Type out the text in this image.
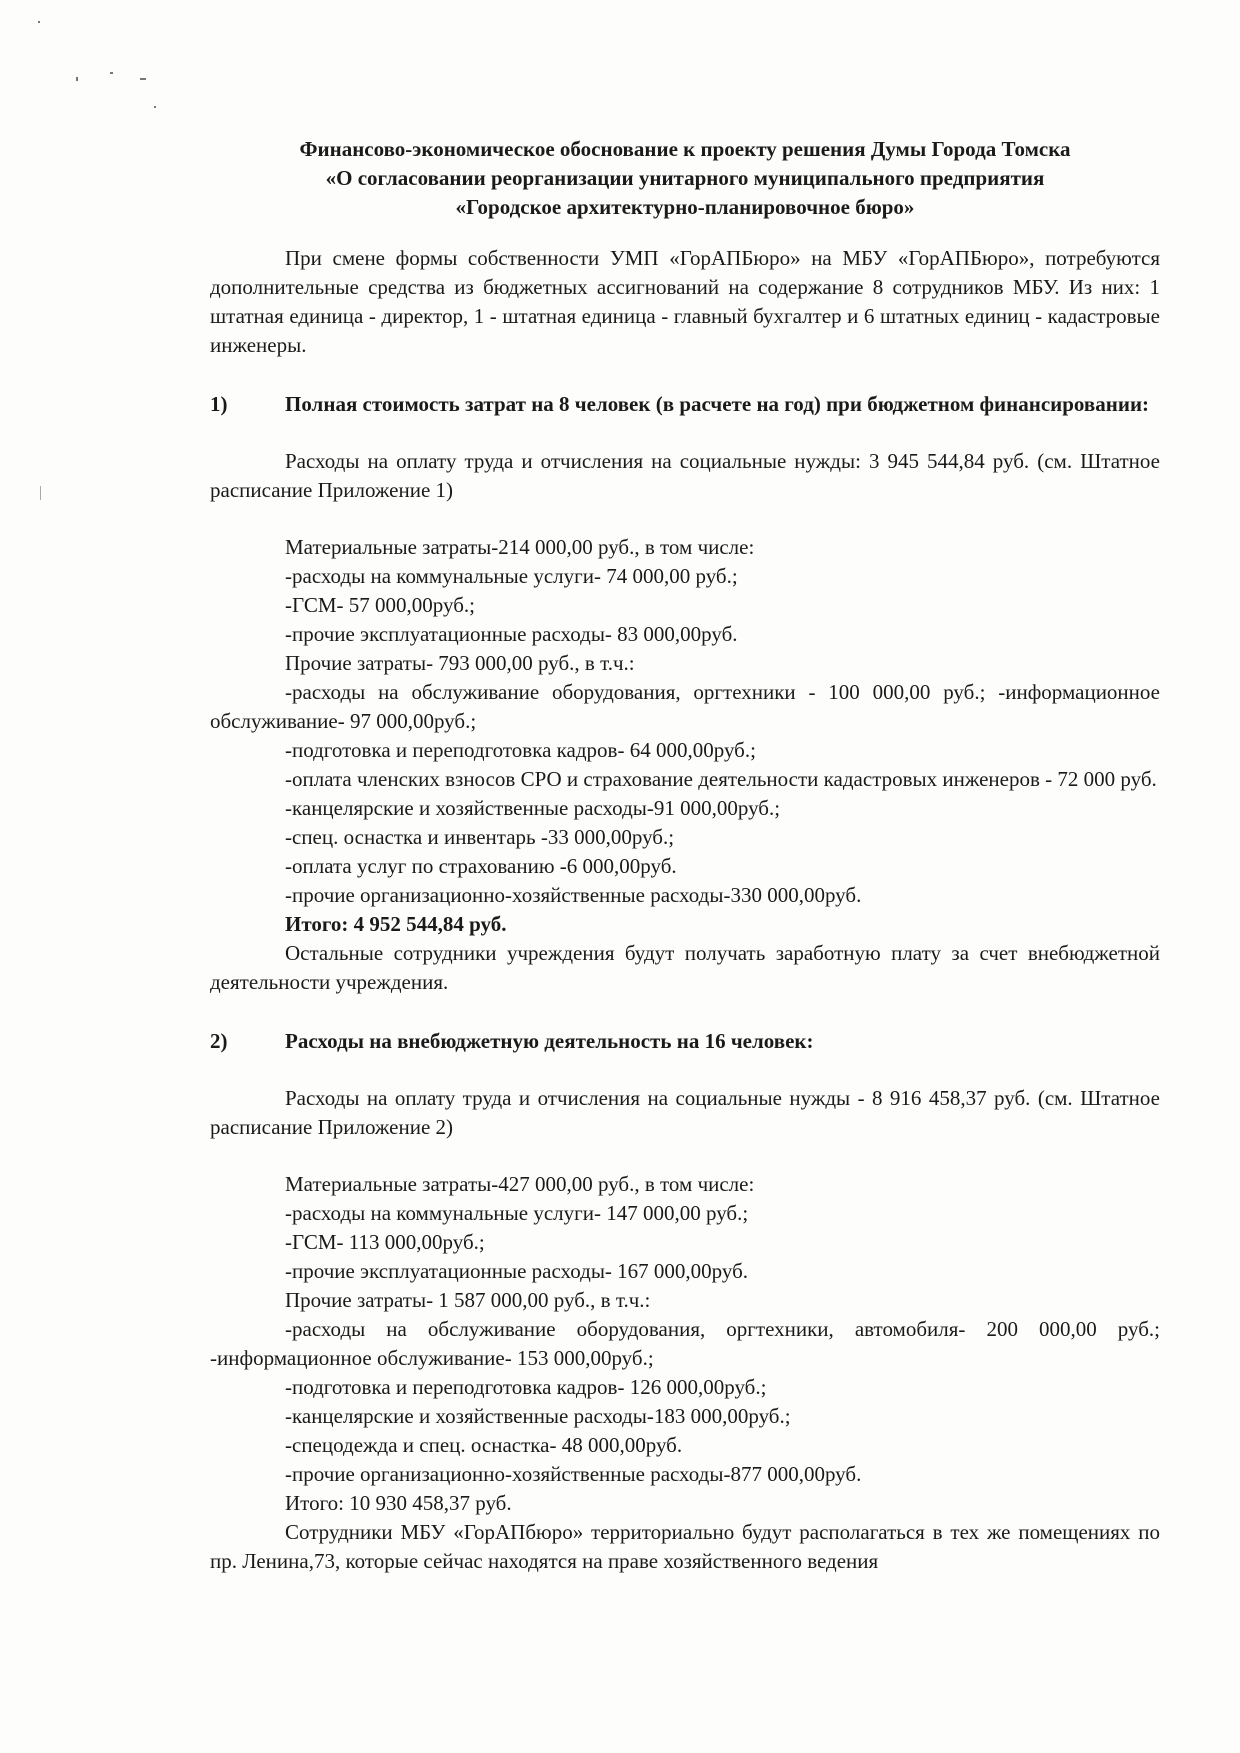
Финансово-экономическое обоснование к проекту решения Думы Города Томска
«О согласовании реорганизации унитарного муниципального предприятия
«Городское архитектурно-планировочное бюро»

При смене формы собственности УМП «ГорАПБюро» на МБУ «ГорАПБюро», потребуются дополнительные средства из бюджетных ассигнований на содержание 8 сотрудников МБУ. Из них: 1 штатная единица - директор, 1 - штатная единица - главный бухгалтер и 6 штатных единиц - кадастровые инженеры.

1)	Полная стоимость затрат на 8 человек (в расчете на год) при бюджетном финансировании:

Расходы на оплату труда и отчисления на социальные нужды: 3 945 544,84 руб. (см. Штатное расписание Приложение 1)

Материальные затраты-214 000,00 руб., в том числе:

-расходы на коммунальные услуги- 74 000,00 руб.;

-ГСМ- 57 000,00руб.;

-прочие эксплуатационные расходы- 83 000,00руб.

Прочие затраты- 793 000,00 руб., в т.ч.:

-расходы на обслуживание оборудования, оргтехники - 100 000,00 руб.; -информационное обслуживание- 97 000,00руб.;

-подготовка и переподготовка кадров- 64 000,00руб.;

-оплата членских взносов СРО и страхование деятельности кадастровых инженеров - 72 000 руб.

-канцелярские и хозяйственные расходы-91 000,00руб.;

-спец. оснастка и инвентарь -33 000,00руб.;

-оплата услуг по страхованию -6 000,00руб.

-прочие организационно-хозяйственные расходы-330 000,00руб.

Итого: 4 952 544,84 руб.

Остальные сотрудники учреждения будут получать заработную плату за счет внебюджетной деятельности учреждения.

2)	Расходы на внебюджетную деятельность на 16 человек:

Расходы на оплату труда и отчисления на социальные нужды - 8 916 458,37 руб. (см. Штатное расписание Приложение 2)

Материальные затраты-427 000,00 руб., в том числе:

-расходы на коммунальные услуги- 147 000,00 руб.;

-ГСМ- 113 000,00руб.;

-прочие эксплуатационные расходы- 167 000,00руб.

Прочие затраты- 1 587 000,00 руб., в т.ч.:

-расходы на обслуживание оборудования, оргтехники, автомобиля- 200 000,00 руб.; -информационное обслуживание- 153 000,00руб.;

-подготовка и переподготовка кадров- 126 000,00руб.;

-канцелярские и хозяйственные расходы-183 000,00руб.;

-спецодежда и спец. оснастка- 48 000,00руб.

-прочие организационно-хозяйственные расходы-877 000,00руб.

Итого: 10 930 458,37 руб.

Сотрудники МБУ «ГорАПбюро» территориально будут располагаться в тех же помещениях по пр. Ленина,73, которые сейчас находятся на праве хозяйственного ведения
